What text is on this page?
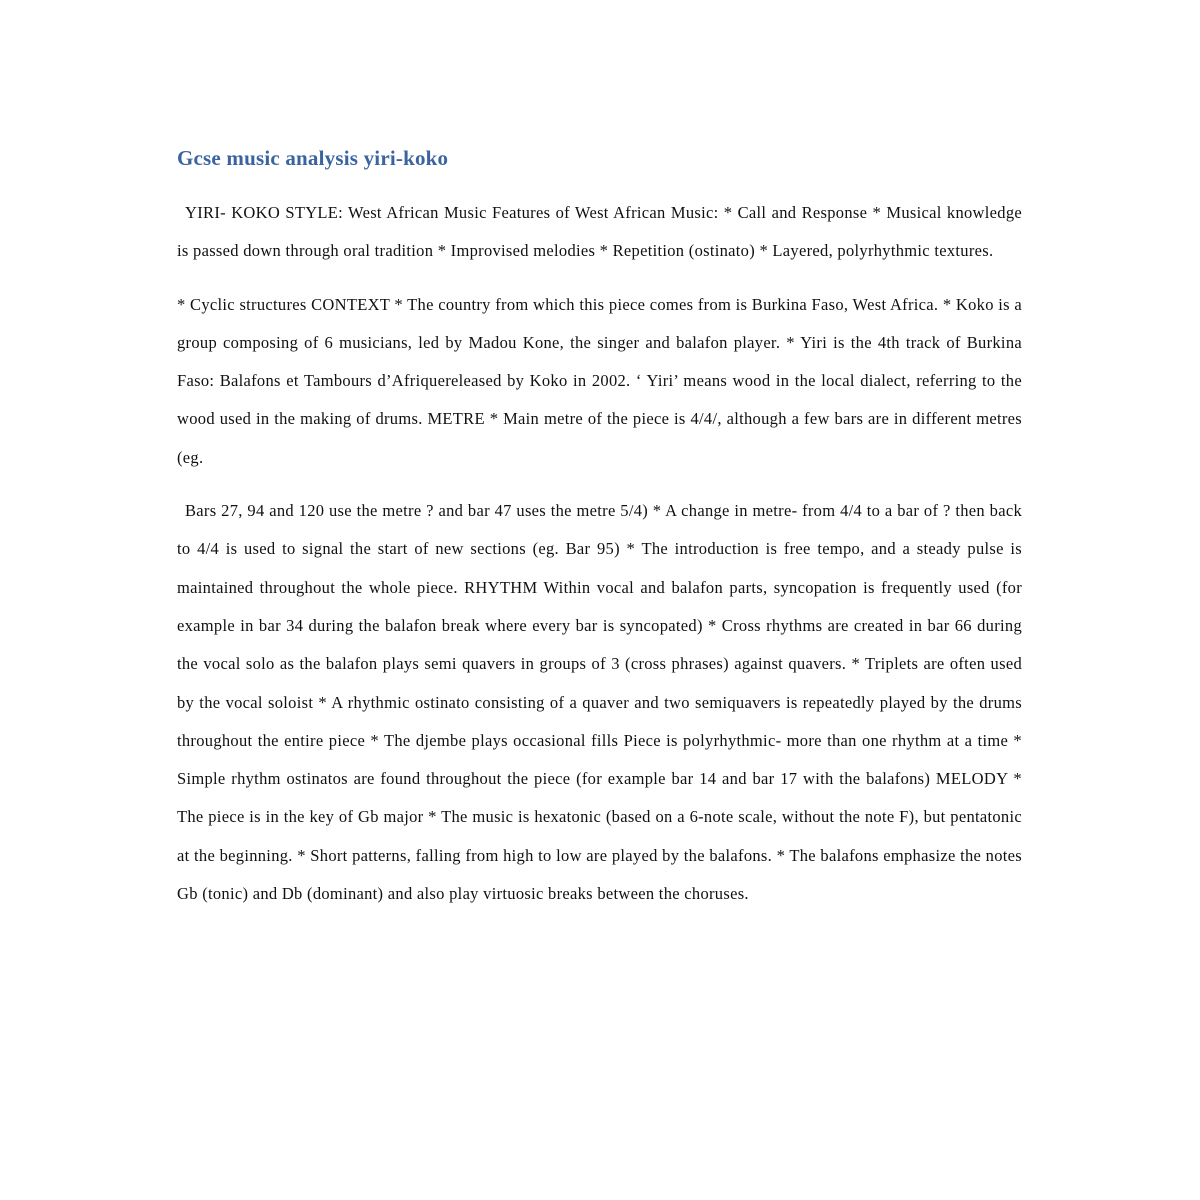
Gcse music analysis yiri-koko

YIRI- KOKO STYLE: West African Music Features of West African Music: * Call and Response * Musical knowledge is passed down through oral tradition * Improvised melodies * Repetition (ostinato) * Layered, polyrhythmic textures.

* Cyclic structures CONTEXT * The country from which this piece comes from is Burkina Faso, West Africa. * Koko is a group composing of 6 musicians, led by Madou Kone, the singer and balafon player. * Yiri is the 4th track of Burkina Faso: Balafons et Tambours d’Afriquereleased by Koko in 2002. ‘ Yiri’ means wood in the local dialect, referring to the wood used in the making of drums. METRE * Main metre of the piece is 4/4/, although a few bars are in different metres (eg.

Bars 27, 94 and 120 use the metre ? and bar 47 uses the metre 5/4) * A change in metre- from 4/4 to a bar of ? then back to 4/4 is used to signal the start of new sections (eg. Bar 95) * The introduction is free tempo, and a steady pulse is maintained throughout the whole piece. RHYTHM Within vocal and balafon parts, syncopation is frequently used (for example in bar 34 during the balafon break where every bar is syncopated) * Cross rhythms are created in bar 66 during the vocal solo as the balafon plays semi quavers in groups of 3 (cross phrases) against quavers. * Triplets are often used by the vocal soloist * A rhythmic ostinato consisting of a quaver and two semiquavers is repeatedly played by the drums throughout the entire piece * The djembe plays occasional fills Piece is polyrhythmic- more than one rhythm at a time * Simple rhythm ostinatos are found throughout the piece (for example bar 14 and bar 17 with the balafons) MELODY * The piece is in the key of Gb major * The music is hexatonic (based on a 6-note scale, without the note F), but pentatonic at the beginning. * Short patterns, falling from high to low are played by the balafons. * The balafons emphasize the notes Gb (tonic) and Db (dominant) and also play virtuosic breaks between the choruses.
